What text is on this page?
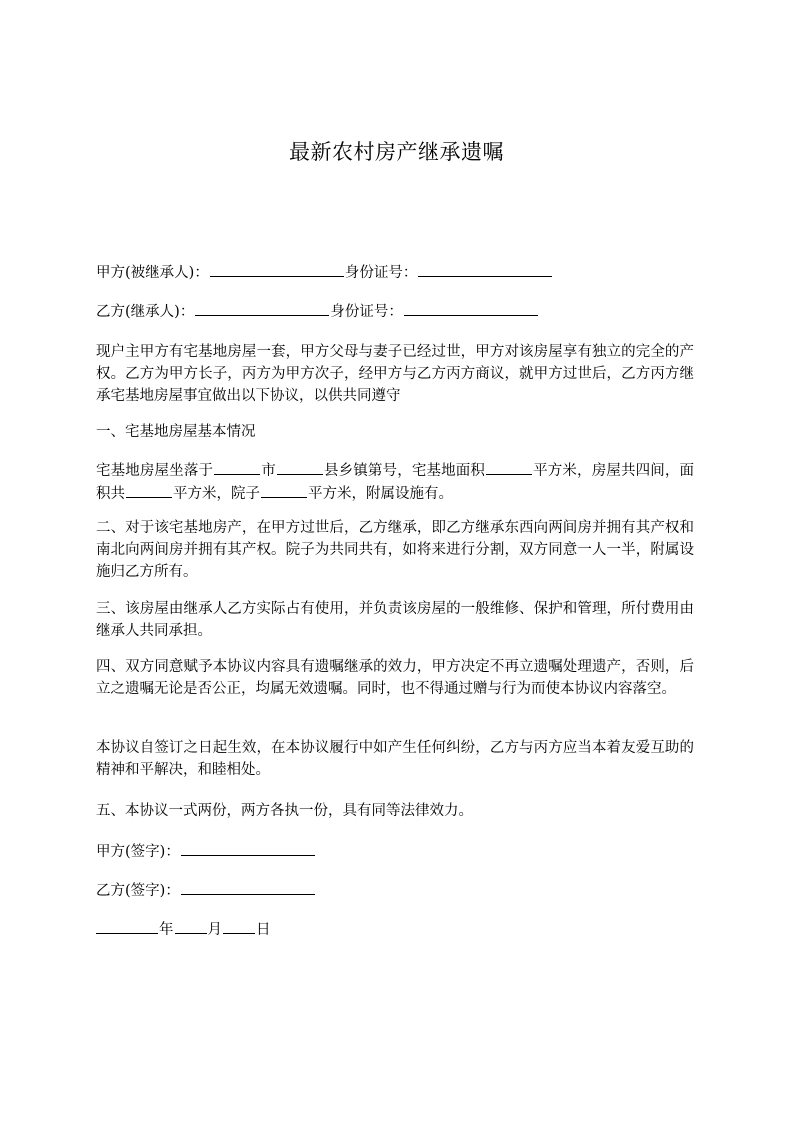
最新农村房产继承遗嘱
甲方(被继承人)：	身份证号：
乙方(继承人)：	身份证号：
现户主甲方有宅基地房屋一套，甲方父母与妻子已经过世，甲方对该房屋享有独立的完全的产权。乙方为甲方长子，丙方为甲方次子，经甲方与乙方丙方商议，就甲方过世后，乙方丙方继承宅基地房屋事宜做出以下协议，以供共同遵守
一、宅基地房屋基本情况
宅基地房屋坐落于	市	县乡镇第号，宅基地面积	平方米，房屋共四间，面积共	平方米，院子	平方米，附属设施有。
二、对于该宅基地房产，在甲方过世后，乙方继承，即乙方继承东西向两间房并拥有其产权和南北向两间房并拥有其产权。院子为共同共有，如将来进行分割，双方同意一人一半，附属设施归乙方所有。
三、该房屋由继承人乙方实际占有使用，并负责该房屋的一般维修、保护和管理，所付费用由继承人共同承担。
四、双方同意赋予本协议内容具有遗嘱继承的效力，甲方决定不再立遗嘱处理遗产，否则，后立之遗嘱无论是否公正，均属无效遗嘱。同时，也不得通过赠与行为而使本协议内容落空。
本协议自签订之日起生效，在本协议履行中如产生任何纠纷，乙方与丙方应当本着友爱互助的精神和平解决，和睦相处。
五、本协议一式两份，两方各执一份，具有同等法律效力。
甲方(签字)：
乙方(签字)：
年 月 日
